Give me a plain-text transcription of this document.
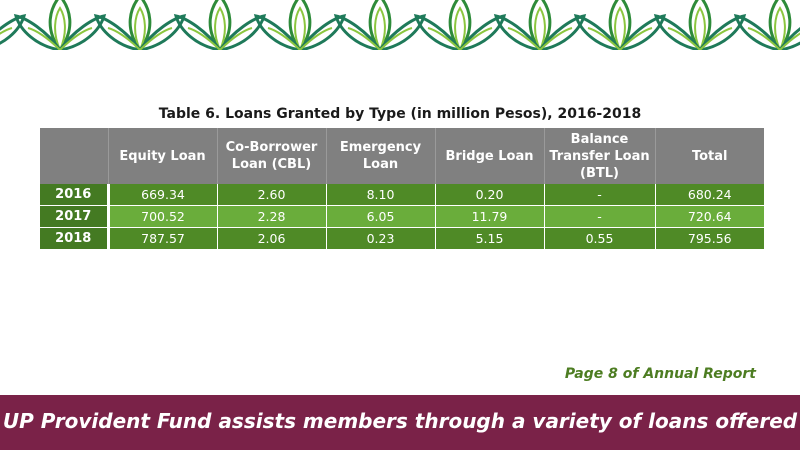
Table 6. Loans Granted by Type (in million Pesos), 2016-2018
	Equity Loan	Co-Borrower Loan (CBL)	Emergency Loan	Bridge Loan	Balance Transfer Loan (BTL)	Total
2016	669.34	2.60	8.10	0.20	-	680.24
2017	700.52	2.28	6.05	11.79	-	720.64
2018	787.57	2.06	0.23	5.15	0.55	795.56
Page 8 of Annual Report
UP Provident Fund assists members through a variety of loans offered
